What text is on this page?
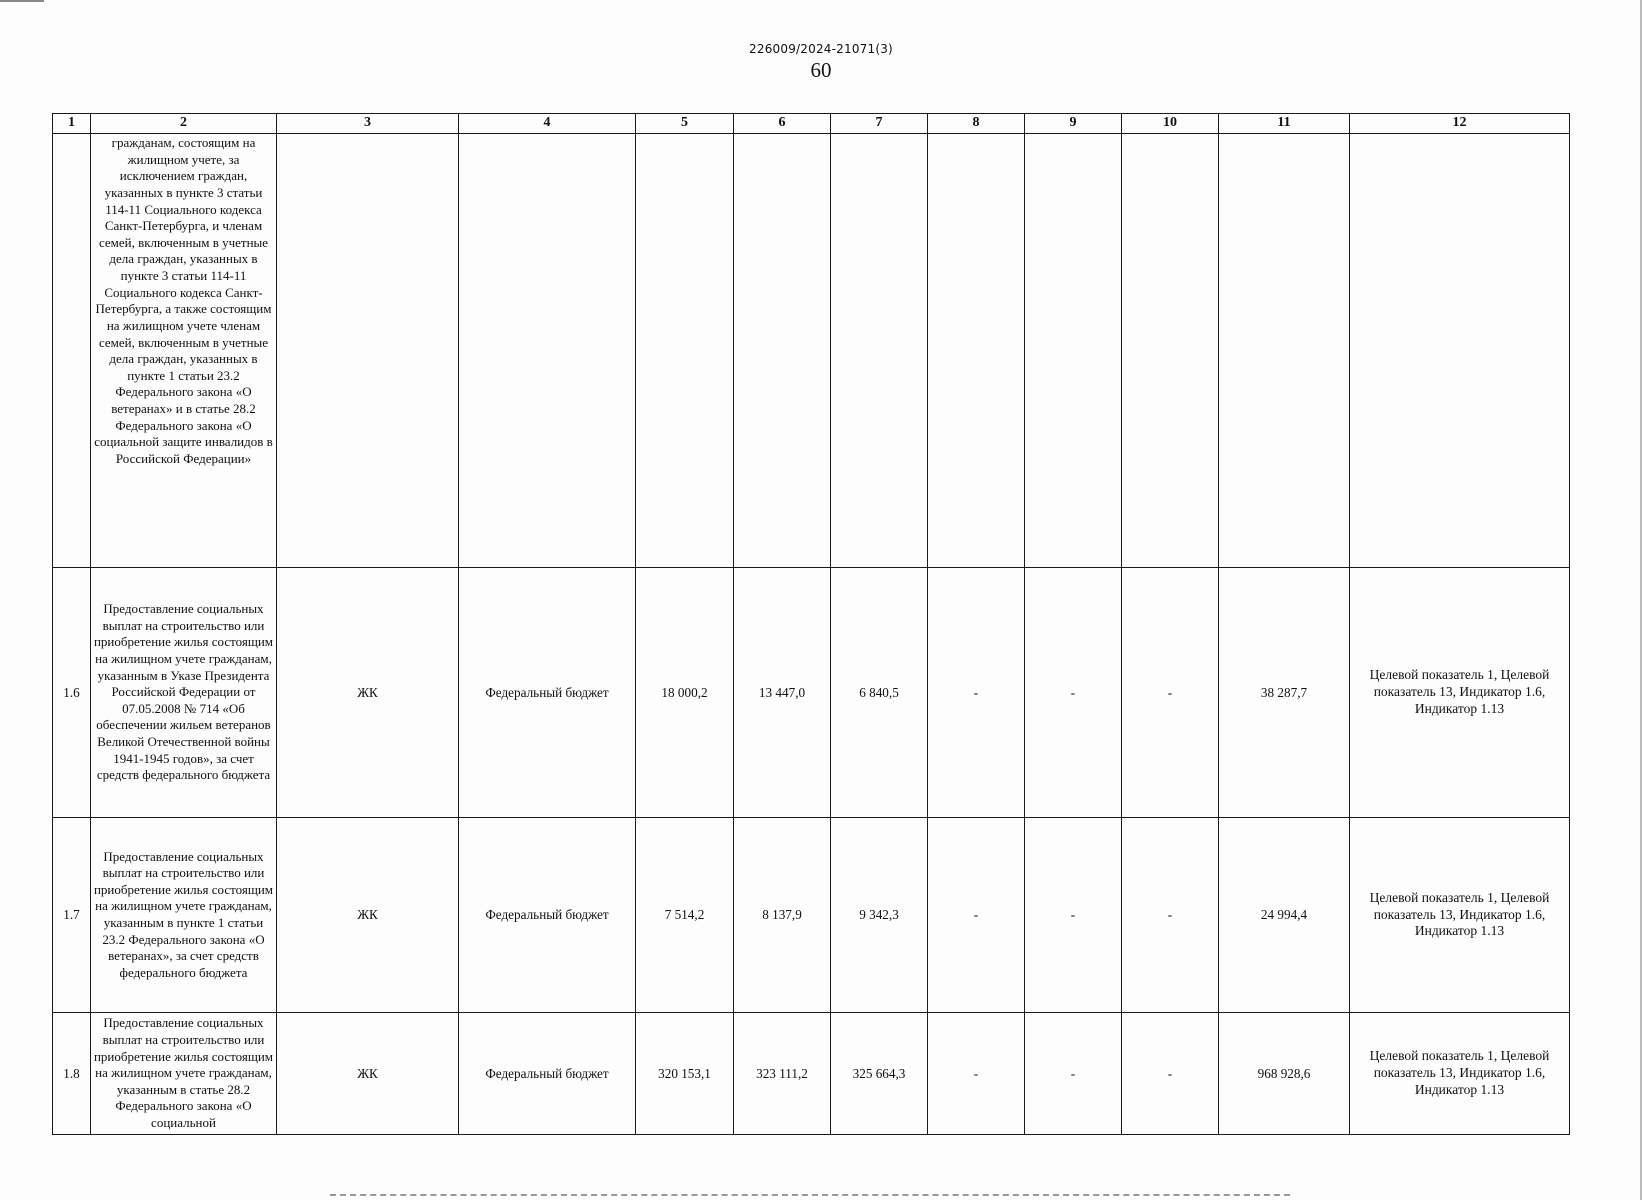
226009/2024-21071(3)
60
1	2	3	4	5	6	7	8	9	10	11	12
	гражданам, состоящим на жилищном учете, за исключением граждан, указанных в пункте 3 статьи 114-11 Социального кодекса Санкт-Петербурга, и членам семей, включенным в учетные дела граждан, указанных в пункте 3 статьи 114-11 Социального кодекса Санкт-Петербурга, а также состоящим на жилищном учете членам семей, включенным в учетные дела граждан, указанных в пункте 1 статьи 23.2 Федерального закона «О ветеранах» и в статье 28.2 Федерального закона «О социальной защите инвалидов в Российской Федерации»										
1.6	Предоставление социальных выплат на строительство или приобретение жилья состоящим на жилищном учете гражданам, указанным в Указе Президента Российской Федерации от 07.05.2008 № 714 «Об обеспечении жильем ветеранов Великой Отечественной войны 1941-1945 годов», за счет средств федерального бюджета	ЖК	Федеральный бюджет	18 000,2	13 447,0	6 840,5	-	-	-	38 287,7	Целевой показатель 1, Целевой показатель 13, Индикатор 1.6, Индикатор 1.13
1.7	Предоставление социальных выплат на строительство или приобретение жилья состоящим на жилищном учете гражданам, указанным в пункте 1 статьи 23.2 Федерального закона «О ветеранах», за счет средств федерального бюджета	ЖК	Федеральный бюджет	7 514,2	8 137,9	9 342,3	-	-	-	24 994,4	Целевой показатель 1, Целевой показатель 13, Индикатор 1.6, Индикатор 1.13
1.8	Предоставление социальных выплат на строительство или приобретение жилья состоящим на жилищном учете гражданам, указанным в статье 28.2 Федерального закона «О социальной	ЖК	Федеральный бюджет	320 153,1	323 111,2	325 664,3	-	-	-	968 928,6	Целевой показатель 1, Целевой показатель 13, Индикатор 1.6, Индикатор 1.13
